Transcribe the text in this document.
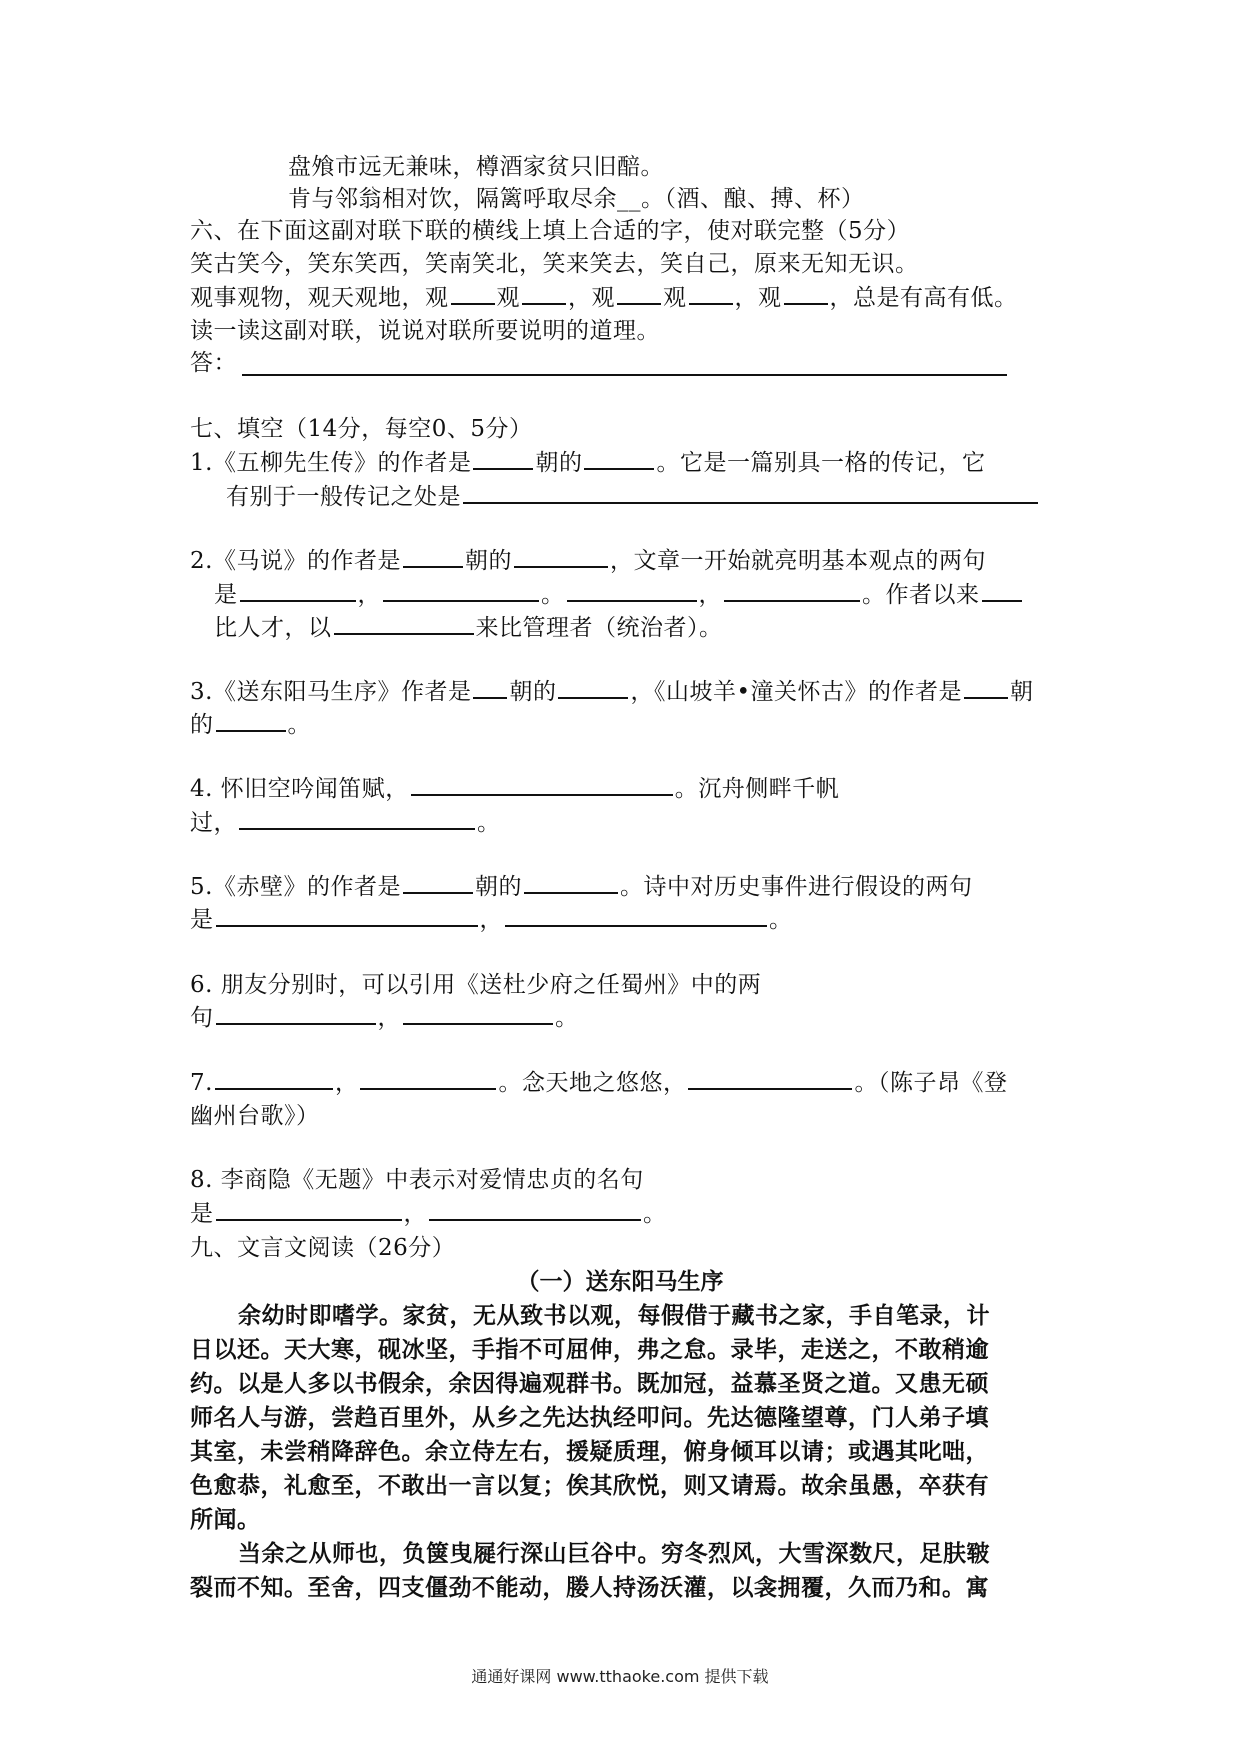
盘飧市远无兼味，樽酒家贫只旧醅。
肯与邻翁相对饮，隔篱呼取尽余__。（酒、酿、搏、杯）
六、在下面这副对联下联的横线上填上合适的字，使对联完整（5分）
笑古笑今，笑东笑西，笑南笑北，笑来笑去，笑自己，原来无知无识。
观事观物，观天观地，观 观 ，观 观 ，观 ，总是有高有低。
读一读这副对联，说说对联所要说明的道理。
答：
七、填空（14分，每空0、5分）
1.《五柳先生传》的作者是	朝的	。它是一篇别具一格的传记，它
有别于一般传记之处是
2.《马说》的作者是	朝的	，文章一开始就亮明基本观点的两句
是	，	。	，	。作者以来
比人才，以	来比管理者（统治者）。
3.《送东阳马生序》作者是 朝的	，《山坡羊•潼关怀古》的作者是 朝
的	。
4. 怀旧空吟闻笛赋，	。沉舟侧畔千帆
过，	。
5.《赤壁》的作者是	朝的	。诗中对历史事件进行假设的两句
是	，	。
6. 朋友分别时，可以引用《送杜少府之任蜀州》中的两
句	，	。
7.	，	。念天地之悠悠，	。（陈子昂《登
幽州台歌》）
8. 李商隐《无题》中表示对爱情忠贞的名句
是	，	。
九、文言文阅读（26分）
（一）送东阳马生序
余幼时即嗜学。家贫，无从致书以观，每假借于藏书之家，手自笔录，计
日以还。天大寒，砚冰坚，手指不可屈伸，弗之怠。录毕，走送之，不敢稍逾
约。以是人多以书假余，余因得遍观群书。既加冠，益慕圣贤之道。又患无硕
师名人与游，尝趋百里外，从乡之先达执经叩问。先达德隆望尊，门人弟子填
其室，未尝稍降辞色。余立侍左右，援疑质理，俯身倾耳以请；或遇其叱咄，
色愈恭，礼愈至，不敢出一言以复；俟其欣悦，则又请焉。故余虽愚，卒获有
所闻。
当余之从师也，负箧曳屣行深山巨谷中。穷冬烈风，大雪深数尺，足肤皲
裂而不知。至舍，四支僵劲不能动，媵人持汤沃灌，以衾拥覆，久而乃和。寓
通通好课网 www.tthaoke.com 提供下载
